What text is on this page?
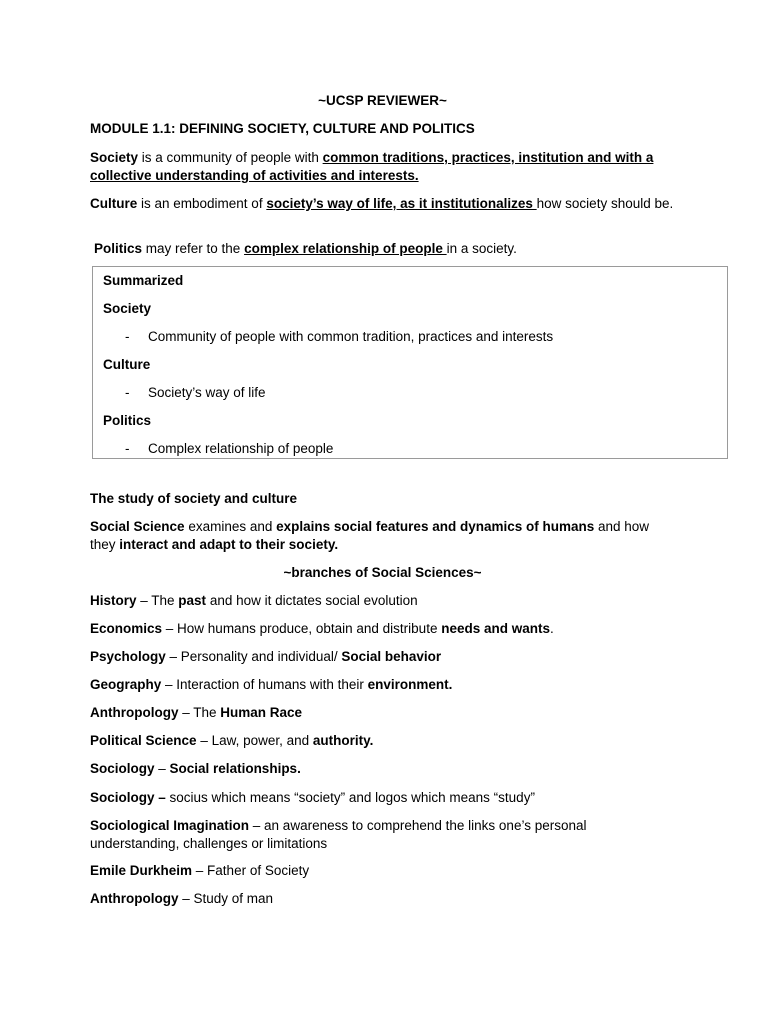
~UCSP REVIEWER~

MODULE 1.1: DEFINING SOCIETY, CULTURE AND POLITICS

Society is a community of people with common traditions, practices, institution and with a collective understanding of activities and interests.

Culture is an embodiment of society’s way of life, as it institutionalizes how society should be.

Politics may refer to the complex relationship of people in a society.

Summarized

Society

- Community of people with common tradition, practices and interests

Culture

- Society’s way of life

Politics

- Complex relationship of people

The study of society and culture

Social Science examines and explains social features and dynamics of humans and how they interact and adapt to their society.

~branches of Social Sciences~

History – The past and how it dictates social evolution

Economics – How humans produce, obtain and distribute needs and wants.

Psychology – Personality and individual/ Social behavior

Geography – Interaction of humans with their environment.

Anthropology – The Human Race

Political Science – Law, power, and authority.

Sociology – Social relationships.

Sociology – socius which means “society” and logos which means “study”

Sociological Imagination – an awareness to comprehend the links one’s personal understanding, challenges or limitations

Emile Durkheim – Father of Society

Anthropology – Study of man
